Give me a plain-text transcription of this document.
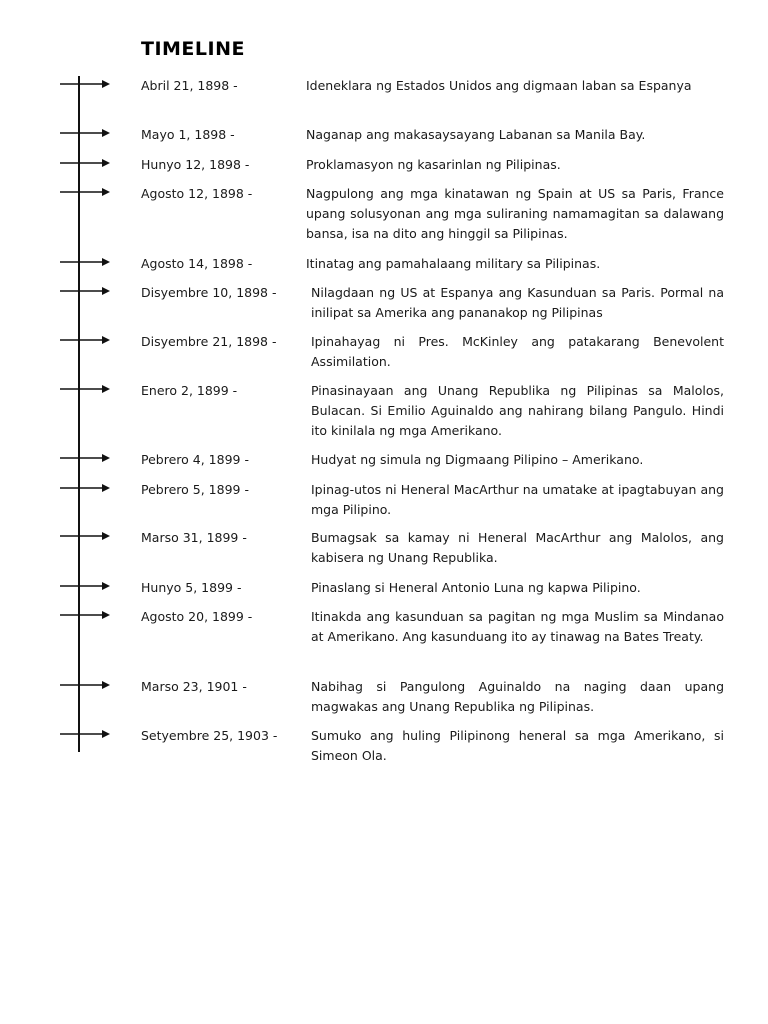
TIMELINE
Abril 21, 1898 -	Ideneklara ng Estados Unidos ang digmaan laban sa Espanya
Mayo 1, 1898 -	Naganap ang makasaysayang Labanan sa Manila Bay.
Hunyo 12, 1898 -	Proklamasyon ng kasarinlan ng Pilipinas.
Agosto 12, 1898 -	Nagpulong ang mga kinatawan ng Spain at US sa Paris, France upang solusyonan ang mga suliraning namamagitan sa dalawang bansa, isa na dito ang hinggil sa Pilipinas.
Agosto 14, 1898 -	Itinatag ang pamahalaang military sa Pilipinas.
Disyembre 10, 1898 -	Nilagdaan ng US at Espanya ang Kasunduan sa Paris. Pormal na inilipat sa Amerika ang pananakop ng Pilipinas
Disyembre 21, 1898 -	Ipinahayag ni Pres. McKinley ang patakarang Benevolent Assimilation.
Enero 2, 1899 -	Pinasinayaan ang Unang Republika ng Pilipinas sa Malolos, Bulacan. Si Emilio Aguinaldo ang nahirang bilang Pangulo. Hindi ito kinilala ng mga Amerikano.
Pebrero 4, 1899 -	Hudyat ng simula ng Digmaang Pilipino – Amerikano.
Pebrero 5, 1899 -	Ipinag-utos ni Heneral MacArthur na umatake at ipagtabuyan ang mga Pilipino.
Marso 31, 1899 -	Bumagsak sa kamay ni Heneral MacArthur ang Malolos, ang kabisera ng Unang Republika.
Hunyo 5, 1899 -	Pinaslang si Heneral Antonio Luna ng kapwa Pilipino.
Agosto 20, 1899 -	Itinakda ang kasunduan sa pagitan ng mga Muslim sa Mindanao at Amerikano. Ang kasunduang ito ay tinawag na Bates Treaty.
Marso 23, 1901 -	Nabihag si Pangulong Aguinaldo na naging daan upang magwakas ang Unang Republika ng Pilipinas.
Setyembre 25, 1903 -	Sumuko ang huling Pilipinong heneral sa mga Amerikano, si Simeon Ola.
